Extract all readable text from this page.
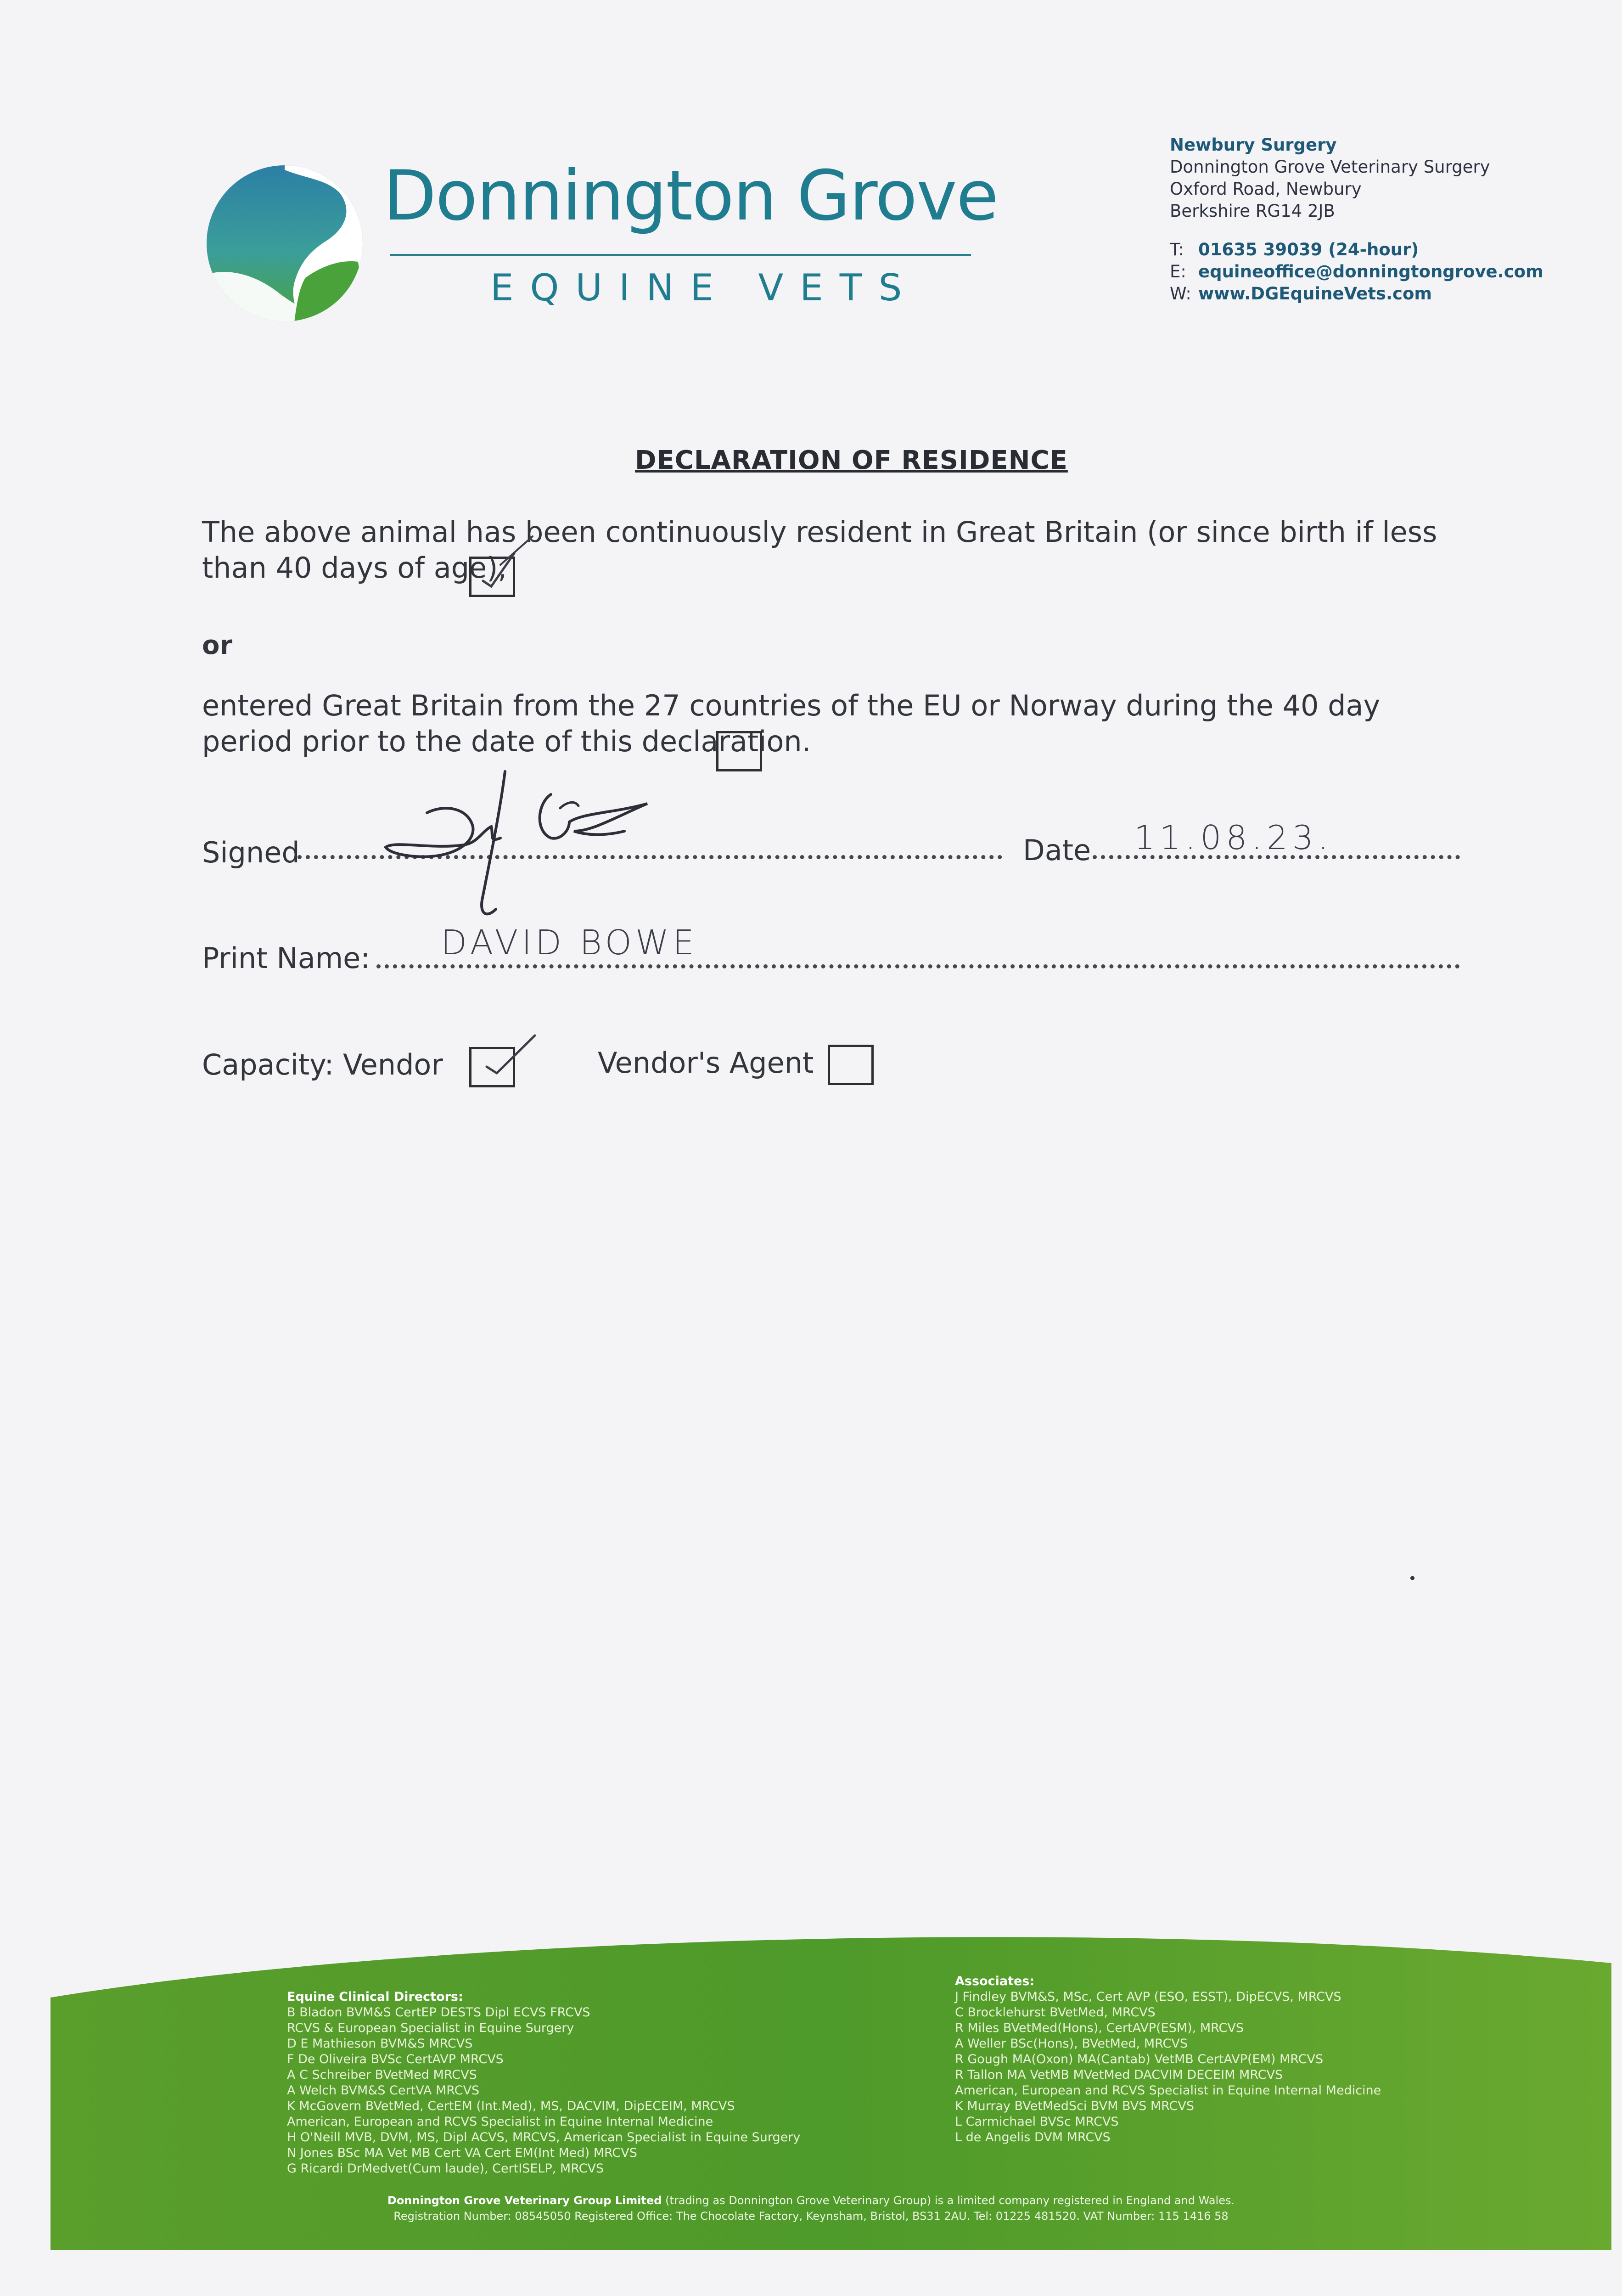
Donnington Grove
EQUINE VETS
Newbury Surgery
Donnington Grove Veterinary Surgery
Oxford Road, Newbury
Berkshire RG14 2JB
T: 01635 39039 (24-hour)
E: equineoffice@donningtongrove.com
W: www.DGEquineVets.com
DECLARATION OF RESIDENCE
The above animal has been continuously resident in Great Britain (or since birth if less than 40 days of age),
or
entered Great Britain from the 27 countries of the EU or Norway during the 40 day period prior to the date of this declaration.
Signed	Date 11.08.23.
Print Name: DAVID BOWE
Capacity: Vendor	Vendor's Agent
Equine Clinical Directors:
B Bladon BVM&S CertEP DESTS Dipl ECVS FRCVS
RCVS & European Specialist in Equine Surgery
D E Mathieson BVM&S MRCVS
F De Oliveira BVSc CertAVP MRCVS
A C Schreiber BVetMed MRCVS
A Welch BVM&S CertVA MRCVS
K McGovern BVetMed, CertEM (Int.Med), MS, DACVIM, DipECEIM, MRCVS
American, European and RCVS Specialist in Equine Internal Medicine
H O'Neill MVB, DVM, MS, Dipl ACVS, MRCVS, American Specialist in Equine Surgery
N Jones BSc MA Vet MB Cert VA Cert EM(Int Med) MRCVS
G Ricardi DrMedvet(Cum laude), CertISELP, MRCVS
Associates:
J Findley BVM&S, MSc, Cert AVP (ESO, ESST), DipECVS, MRCVS
C Brocklehurst BVetMed, MRCVS
R Miles BVetMed(Hons), CertAVP(ESM), MRCVS
A Weller BSc(Hons), BVetMed, MRCVS
R Gough MA(Oxon) MA(Cantab) VetMB CertAVP(EM) MRCVS
R Tallon MA VetMB MVetMed DACVIM DECEIM MRCVS
American, European and RCVS Specialist in Equine Internal Medicine
K Murray BVetMedSci BVM BVS MRCVS
L Carmichael BVSc MRCVS
L de Angelis DVM MRCVS
Donnington Grove Veterinary Group Limited (trading as Donnington Grove Veterinary Group) is a limited company registered in England and Wales.
Registration Number: 08545050 Registered Office: The Chocolate Factory, Keynsham, Bristol, BS31 2AU. Tel: 01225 481520. VAT Number: 115 1416 58
